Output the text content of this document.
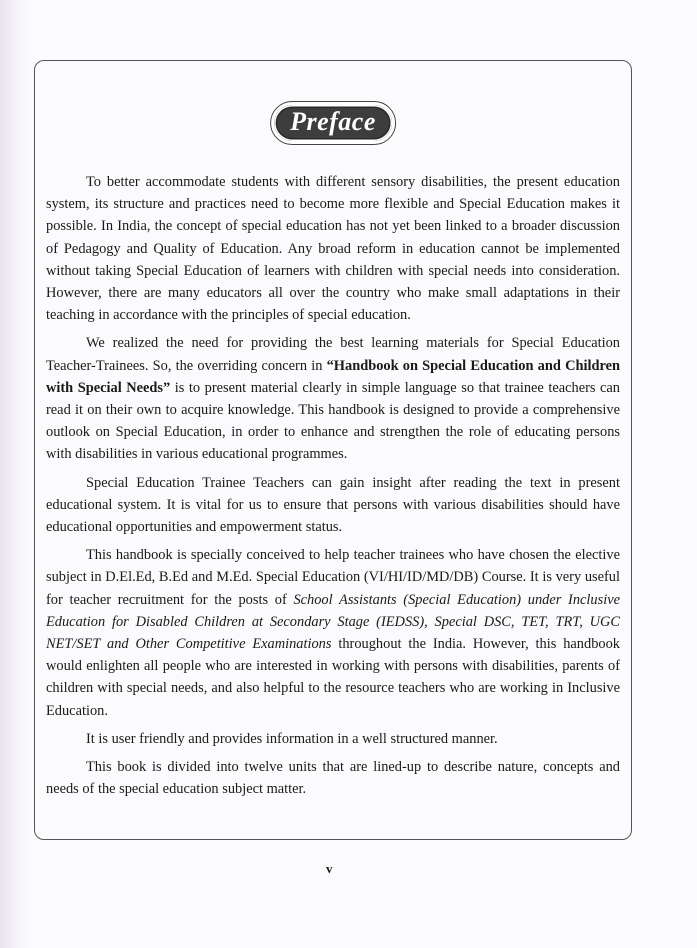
Preface

To better accommodate students with different sensory disabilities, the present education system, its structure and practices need to become more flexible and Special Education makes it possible. In India, the concept of special education has not yet been linked to a broader discussion of Pedagogy and Quality of Education. Any broad reform in education cannot be implemented without taking Special Education of learners with children with special needs into consideration. However, there are many educators all over the country who make small adaptations in their teaching in accordance with the principles of special education.

We realized the need for providing the best learning materials for Special Education Teacher-Trainees. So, the overriding concern in “Handbook on Special Education and Children with Special Needs” is to present material clearly in simple language so that trainee teachers can read it on their own to acquire knowledge. This handbook is designed to provide a comprehensive outlook on Special Education, in order to enhance and strengthen the role of educating persons with disabilities in various educational programmes.

Special Education Trainee Teachers can gain insight after reading the text in present educational system. It is vital for us to ensure that persons with various disabilities should have educational opportunities and empowerment status.

This handbook is specially conceived to help teacher trainees who have chosen the elective subject in D.El.Ed, B.Ed and M.Ed. Special Education (VI/HI/ID/MD/DB) Course. It is very useful for teacher recruitment for the posts of School Assistants (Special Education) under Inclusive Education for Disabled Children at Secondary Stage (IEDSS), Special DSC, TET, TRT, UGC NET/SET and Other Competitive Examinations throughout the India. However, this handbook would enlighten all people who are interested in working with persons with disabilities, parents of children with special needs, and also helpful to the resource teachers who are working in Inclusive Education.

It is user friendly and provides information in a well structured manner.

This book is divided into twelve units that are lined-up to describe nature, concepts and needs of the special education subject matter.

v
